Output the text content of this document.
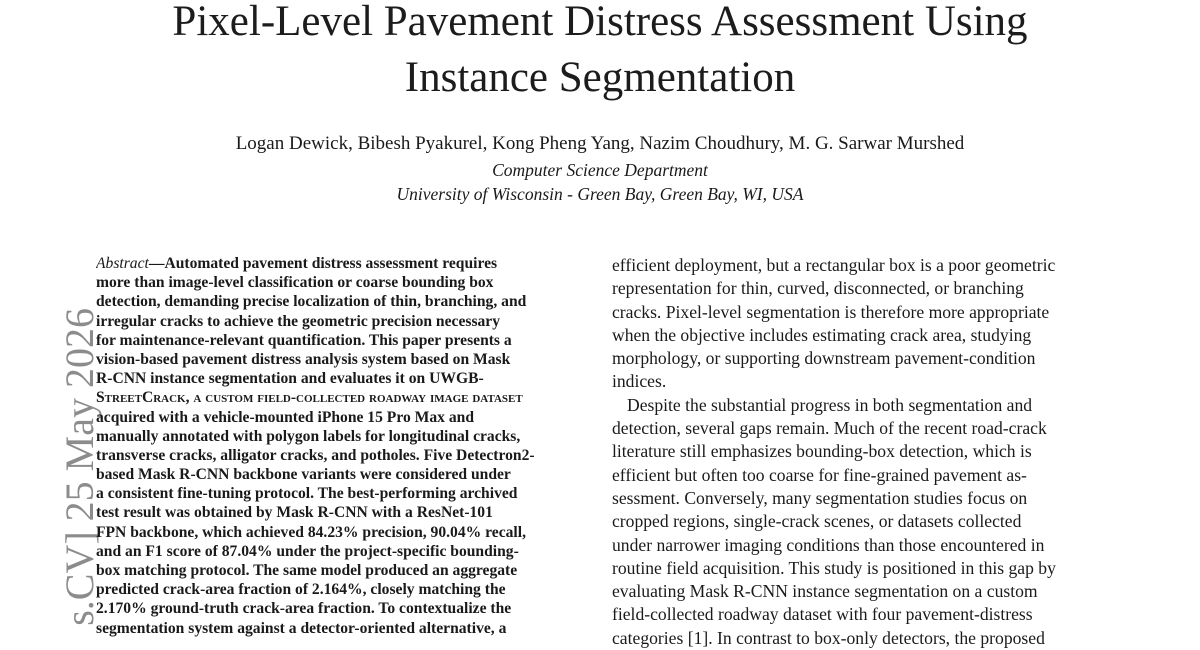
Pixel-Level Pavement Distress Assessment Using
Instance Segmentation
Logan Dewick, Bibesh Pyakurel, Kong Pheng Yang, Nazim Choudhury, M. G. Sarwar Murshed
Computer Science Department
University of Wisconsin - Green Bay, Green Bay, WI, USA
s.CV] 25 May 2026
Abstract—Automated pavement distress assessment requires
more than image-level classification or coarse bounding box
detection, demanding precise localization of thin, branching, and
irregular cracks to achieve the geometric precision necessary
for maintenance-relevant quantification. This paper presents a
vision-based pavement distress analysis system based on Mask
R-CNN instance segmentation and evaluates it on UWGB-
StreetCrack, a custom field-collected roadway image dataset
acquired with a vehicle-mounted iPhone 15 Pro Max and
manually annotated with polygon labels for longitudinal cracks,
transverse cracks, alligator cracks, and potholes. Five Detectron2-
based Mask R-CNN backbone variants were considered under
a consistent fine-tuning protocol. The best-performing archived
test result was obtained by Mask R-CNN with a ResNet-101
FPN backbone, which achieved 84.23% precision, 90.04% recall,
and an F1 score of 87.04% under the project-specific bounding-
box matching protocol. The same model produced an aggregate
predicted crack-area fraction of 2.164%, closely matching the
2.170% ground-truth crack-area fraction. To contextualize the
segmentation system against a detector-oriented alternative, a
efficient deployment, but a rectangular box is a poor geometric
representation for thin, curved, disconnected, or branching
cracks. Pixel-level segmentation is therefore more appropriate
when the objective includes estimating crack area, studying
morphology, or supporting downstream pavement-condition
indices.
Despite the substantial progress in both segmentation and
detection, several gaps remain. Much of the recent road-crack
literature still emphasizes bounding-box detection, which is
efficient but often too coarse for fine-grained pavement as-
sessment. Conversely, many segmentation studies focus on
cropped regions, single-crack scenes, or datasets collected
under narrower imaging conditions than those encountered in
routine field acquisition. This study is positioned in this gap by
evaluating Mask R-CNN instance segmentation on a custom
field-collected roadway dataset with four pavement-distress
categories [1]. In contrast to box-only detectors, the proposed
